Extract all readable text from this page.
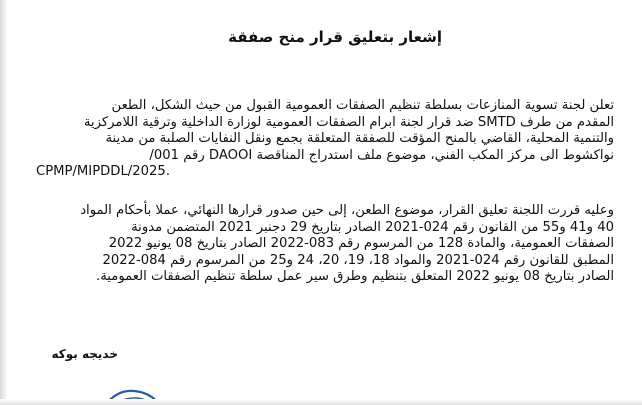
إشعار بتعليق قرار منح صفقة
تعلن لجنة تسوية المنازعات بسلطة تنظيم الصفقات العمومية القبول من حيث الشكل، الطعن
المقدم من طرف SMTD ضد قرار لجنة ابرام الصفقات العمومية لوزارة الداخلية وترقية اللامركزية
والتنمية المحلية، القاضي بالمنح المؤقت للصفقة المتعلقة بجمع ونقل النفايات الصلبة من مدينة
نواكشوط الى مركز المكب الفني، موضوع ملف استدراج المناقصة DAOOI رقم 001/
CPMP/MIPDDL/2025.
وعليه قررت اللجنة تعليق القرار، موضوع الطعن، إلى حين صدور قرارها النهائي، عملا بأحكام المواد
40 و41 و55 من القانون رقم 024-2021 الصادر بتاريخ 29 دجنبر 2021 المتضمن مدونة
الصفقات العمومية، والمادة 128 من المرسوم رقم 083-2022 الصادر بتاريخ 08 يونيو 2022
المطبق للقانون رقم 024-2021 والمواد 18، 19، 20، 24 و25 من المرسوم رقم 084-2022
الصادر بتاريخ 08 يونيو 2022 المتعلق بتنظيم وطرق سير عمل سلطة تنظيم الصفقات العمومية.
خديجه بوكه
